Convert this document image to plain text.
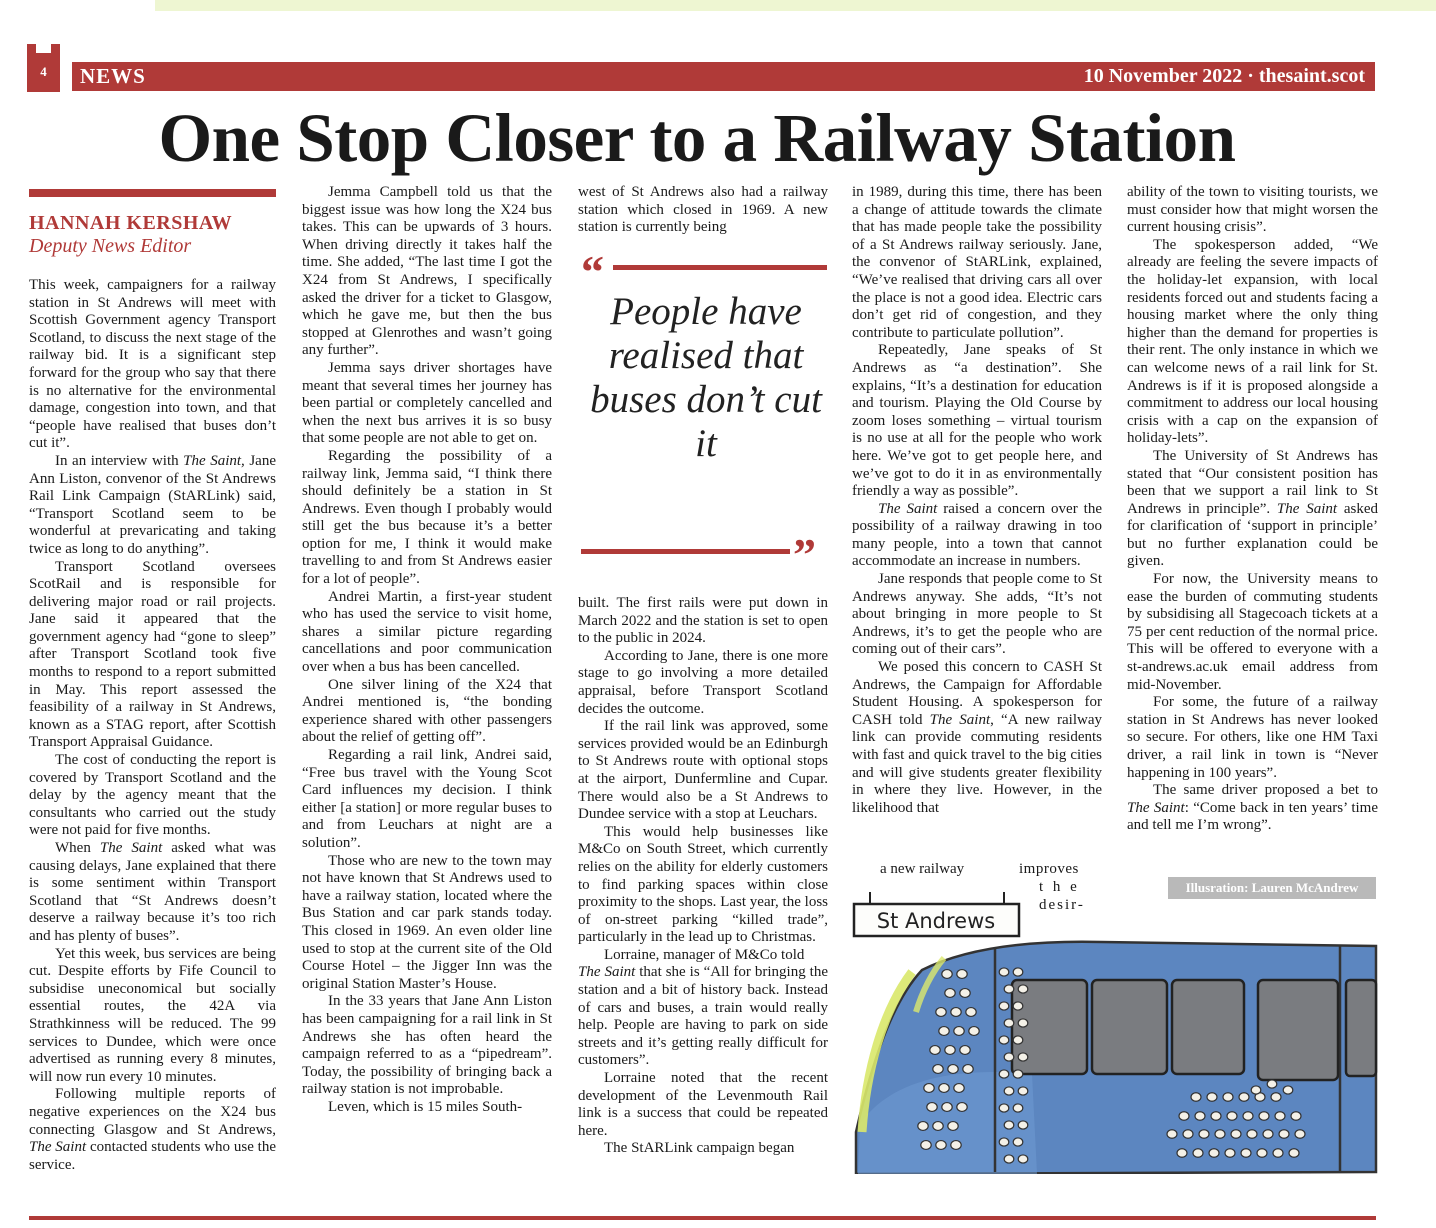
4	NEWS	10 November 2022 · thesaint.scot
One Stop Closer to a Railway Station
HANNAH KERSHAW
Deputy News Editor

This week, campaigners for a railway station in St Andrews will meet with Scottish Government agency Transport Scotland, to discuss the next stage of the railway bid. It is a significant step forward for the group who say that there is no alternative for the environmental damage, congestion into town, and that “people have realised that buses don’t cut it”.

In an interview with The Saint, Jane Ann Liston, convenor of the St Andrews Rail Link Campaign (StARLink) said, “Transport Scotland seem to be wonderful at prevaricating and taking twice as long to do anything”.

Transport Scotland oversees ScotRail and is responsible for delivering major road or rail projects. Jane said it appeared that the government agency had “gone to sleep” after Transport Scotland took five months to respond to a report submitted in May. This report assessed the feasibility of a railway in St Andrews, known as a STAG report, after Scottish Transport Appraisal Guidance.

The cost of conducting the report is covered by Transport Scotland and the delay by the agency meant that the consultants who carried out the study were not paid for five months.

When The Saint asked what was causing delays, Jane explained that there is some sentiment within Transport Scotland that “St Andrews doesn’t deserve a railway because it’s too rich and has plenty of buses”.

Yet this week, bus services are being cut. Despite efforts by Fife Council to subsidise uneconomical but socially essential routes, the 42A via Strathkinness will be reduced. The 99 services to Dundee, which were once advertised as running every 8 minutes, will now run every 10 minutes.

Following multiple reports of negative experiences on the X24 bus connecting Glasgow and St Andrews, The Saint contacted students who use the service.

Jemma Campbell told us that the biggest issue was how long the X24 bus takes. This can be upwards of 3 hours. When driving directly it takes half the time. She added, “The last time I got the X24 from St Andrews, I specifically asked the driver for a ticket to Glasgow, which he gave me, but then the bus stopped at Glenrothes and wasn’t going any further”.

Jemma says driver shortages have meant that several times her journey has been partial or completely cancelled and when the next bus arrives it is so busy that some people are not able to get on.

Regarding the possibility of a railway link, Jemma said, “I think there should definitely be a station in St Andrews. Even though I probably would still get the bus because it’s a better option for me, I think it would make travelling to and from St Andrews easier for a lot of people”.

Andrei Martin, a first-year student who has used the service to visit home, shares a similar picture regarding cancellations and poor communication over when a bus has been cancelled.

One silver lining of the X24 that Andrei mentioned is, “the bonding experience shared with other passengers about the relief of getting off”.

Regarding a rail link, Andrei said, “Free bus travel with the Young Scot Card influences my decision. I think either [a station] or more regular buses to and from Leuchars at night are a solution”.

Those who are new to the town may not have known that St Andrews used to have a railway station, located where the Bus Station and car park stands today. This closed in 1969. An even older line used to stop at the current site of the Old Course Hotel – the Jigger Inn was the original Station Master’s House.

In the 33 years that Jane Ann Liston has been campaigning for a rail link in St Andrews she has often heard the campaign referred to as a “pipedream”. Today, the possibility of bringing back a railway station is not improbable.

Leven, which is 15 miles South-

west of St Andrews also had a railway station which closed in 1969. A new station is currently being

“
People have realised that buses don’t cut it
”

built. The first rails were put down in March 2022 and the station is set to open to the public in 2024.

According to Jane, there is one more stage to go involving a more detailed appraisal, before Transport Scotland decides the outcome.

If the rail link was approved, some services provided would be an Edinburgh to St Andrews route with optional stops at the airport, Dunfermline and Cupar. There would also be a St Andrews to Dundee service with a stop at Leuchars.

This would help businesses like M&Co on South Street, which currently relies on the ability for elderly customers to find parking spaces within close proximity to the shops. Last year, the loss of on-street parking “killed trade”, particularly in the lead up to Christmas.

Lorraine, manager of M&Co told

The Saint that she is “All for bringing the station and a bit of history back. Instead of cars and buses, a train would really help. People are having to park on side streets and it’s getting really difficult for customers”.

Lorraine noted that the recent development of the Levenmouth Rail link is a success that could be repeated here.

The StARLink campaign began

in 1989, during this time, there has been a change of attitude towards the climate that has made people take the possibility of a St Andrews railway seriously. Jane, the convenor of StARLink, explained, “We’ve realised that driving cars all over the place is not a good idea. Electric cars don’t get rid of congestion, and they contribute to particulate pollution”.

Repeatedly, Jane speaks of St Andrews as “a destination”. She explains, “It’s a destination for education and tourism. Playing the Old Course by zoom loses something – virtual tourism is no use at all for the people who work here. We’ve got to get people here, and we’ve got to do it in as environmentally friendly a way as possible”.

The Saint raised a concern over the possibility of a railway drawing in too many people, into a town that cannot accommodate an increase in numbers.

Jane responds that people come to St Andrews anyway. She adds, “It’s not about bringing in more people to St Andrews, it’s to get the people who are coming out of their cars”.

We posed this concern to CASH St Andrews, the Campaign for Affordable Student Housing. A spokesperson for CASH told The Saint, “A new railway link can provide commuting residents with fast and quick travel to the big cities and will give students greater flexibility in where they live. However, in the likelihood that

a new railway	improves
t h e
desir-

ability of the town to visiting tourists, we must consider how that might worsen the current housing crisis”.

The spokesperson added, “We already are feeling the severe impacts of the holiday-let expansion, with local residents forced out and students facing a housing market where the only thing higher than the demand for properties is their rent. The only instance in which we can welcome news of a rail link for St. Andrews is if it is proposed alongside a commitment to address our local housing crisis with a cap on the expansion of holiday-lets”.

The University of St Andrews has stated that “Our consistent position has been that we support a rail link to St Andrews in principle”. The Saint asked for clarification of ‘support in principle’ but no further explanation could be given.

For now, the University means to ease the burden of commuting students by subsidising all Stagecoach tickets at a 75 per cent reduction of the normal price. This will be offered to everyone with a st-andrews.ac.uk email address from mid-November.

For some, the future of a railway station in St Andrews has never looked so secure. For others, like one HM Taxi driver, a rail link in town is “Never happening in 100 years”.

The same driver proposed a bet to The Saint: “Come back in ten years’ time and tell me I’m wrong”.

Illusration: Lauren McAndrew
St Andrews
